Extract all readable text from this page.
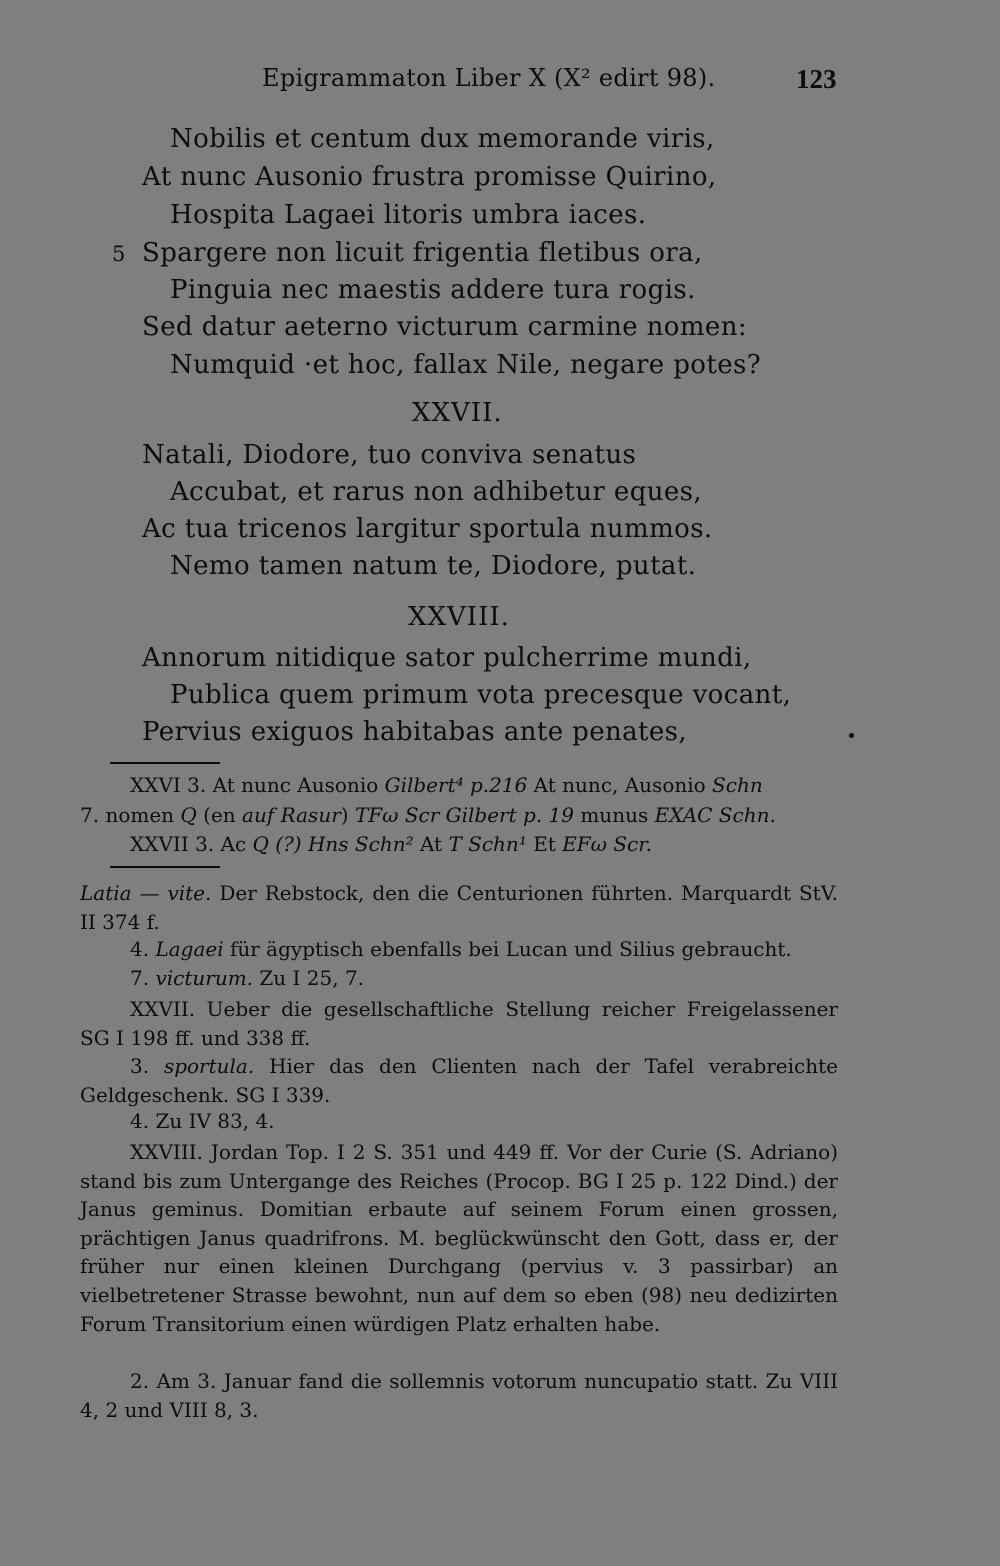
Epigrammaton Liber X (X² edirt 98).	123
Nobilis et centum dux memorande viris,
At nunc Ausonio frustra promisse Quirino,
Hospita Lagaei litoris umbra iaces.
5 Spargere non licuit frigentia fletibus ora,
Pinguia nec maestis addere tura rogis.
Sed datur aeterno victurum carmine nomen:
Numquid ·et hoc, fallax Nile, negare potes?
XXVII.
Natali, Diodore, tuo conviva senatus
Accubat, et rarus non adhibetur eques,
Ac tua tricenos largitur sportula nummos.
Nemo tamen natum te, Diodore, putat.
XXVIII.
Annorum nitidique sator pulcherrime mundi,
Publica quem primum vota precesque vocant,
Pervius exiguos habitabas ante penates,
XXVI 3. At nunc Ausonio Gilbert⁴ p.216 At nunc, Ausonio Schn
7. nomen Q (en auf Rasur) TFω Scr Gilbert p. 19 munus EXAC Schn.
XXVII 3. Ac Q (?) Hns Schn² At T Schn¹ Et EFω Scr.
Latia — vite. Der Rebstock, den die Centurionen führten. Marquardt StV. II 374 f.
4. Lagaei für ägyptisch ebenfalls bei Lucan und Silius gebraucht.
7. victurum. Zu I 25, 7.
XXVII. Ueber die gesellschaftliche Stellung reicher Freigelassener SG I 198 ff. und 338 ff.
3. sportula. Hier das den Clienten nach der Tafel verabreichte Geldgeschenk. SG I 339.
4. Zu IV 83, 4.
XXVIII. Jordan Top. I 2 S. 351 und 449 ff. Vor der Curie (S. Adriano) stand bis zum Untergange des Reiches (Procop. BG I 25 p. 122 Dind.) der Janus geminus. Domitian erbaute auf seinem Forum einen grossen, prächtigen Janus quadrifrons. M. beglückwünscht den Gott, dass er, der früher nur einen kleinen Durchgang (pervius v. 3 passirbar) an vielbetretener Strasse bewohnt, nun auf dem so eben (98) neu dedizirten Forum Transitorium einen würdigen Platz erhalten habe.
2. Am 3. Januar fand die sollemnis votorum nuncupatio statt. Zu VIII 4, 2 und VIII 8, 3.
